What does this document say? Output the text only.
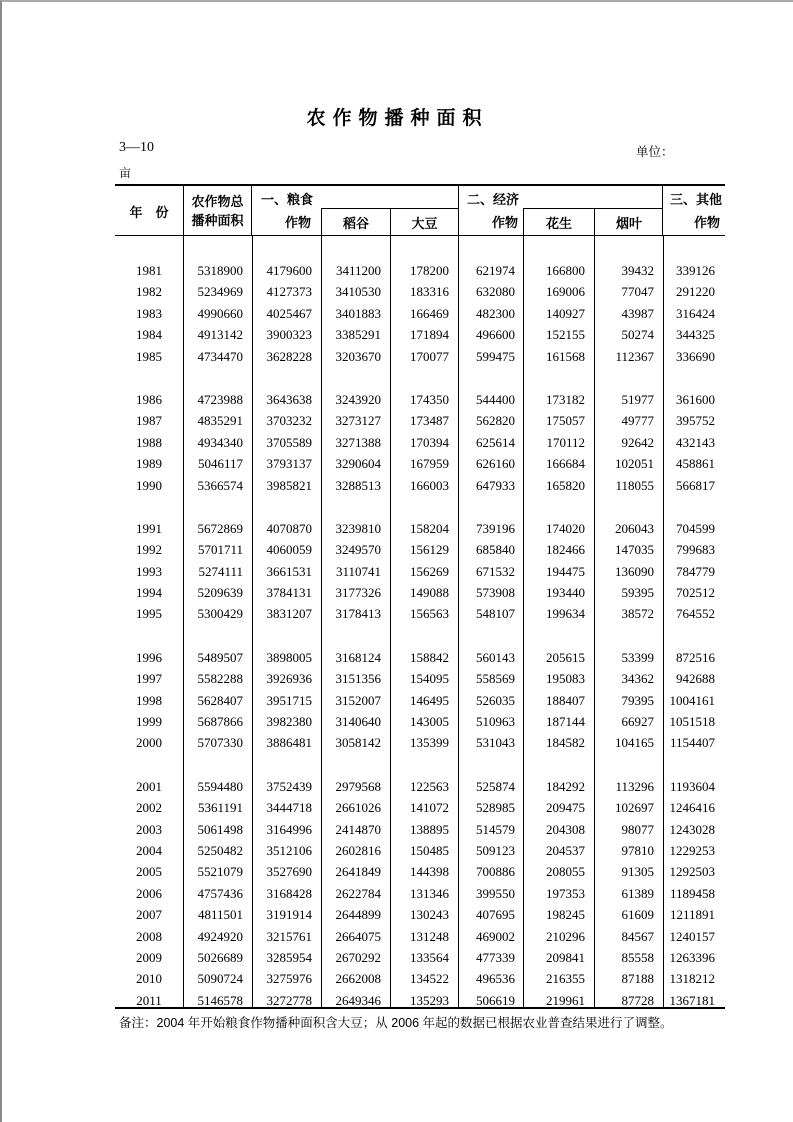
农作物播种面积
3—10	单位：
亩
年　份
农作物总
播种面积
一、粮食
作物	稻谷	大豆
二、经济
作物	花生	烟叶
三、其他
作物
1981	5318900	4179600	3411200	178200	621974	166800	39432	339126
1982	5234969	4127373	3410530	183316	632080	169006	77047	291220
1983	4990660	4025467	3401883	166469	482300	140927	43987	316424
1984	4913142	3900323	3385291	171894	496600	152155	50274	344325
1985	4734470	3628228	3203670	170077	599475	161568	112367	336690
1986	4723988	3643638	3243920	174350	544400	173182	51977	361600
1987	4835291	3703232	3273127	173487	562820	175057	49777	395752
1988	4934340	3705589	3271388	170394	625614	170112	92642	432143
1989	5046117	3793137	3290604	167959	626160	166684	102051	458861
1990	5366574	3985821	3288513	166003	647933	165820	118055	566817
1991	5672869	4070870	3239810	158204	739196	174020	206043	704599
1992	5701711	4060059	3249570	156129	685840	182466	147035	799683
1993	5274111	3661531	3110741	156269	671532	194475	136090	784779
1994	5209639	3784131	3177326	149088	573908	193440	59395	702512
1995	5300429	3831207	3178413	156563	548107	199634	38572	764552
1996	5489507	3898005	3168124	158842	560143	205615	53399	872516
1997	5582288	3926936	3151356	154095	558569	195083	34362	942688
1998	5628407	3951715	3152007	146495	526035	188407	79395	1004161
1999	5687866	3982380	3140640	143005	510963	187144	66927	1051518
2000	5707330	3886481	3058142	135399	531043	184582	104165	1154407
2001	5594480	3752439	2979568	122563	525874	184292	113296	1193604
2002	5361191	3444718	2661026	141072	528985	209475	102697	1246416
2003	5061498	3164996	2414870	138895	514579	204308	98077	1243028
2004	5250482	3512106	2602816	150485	509123	204537	97810	1229253
2005	5521079	3527690	2641849	144398	700886	208055	91305	1292503
2006	4757436	3168428	2622784	131346	399550	197353	61389	1189458
2007	4811501	3191914	2644899	130243	407695	198245	61609	1211891
2008	4924920	3215761	2664075	131248	469002	210296	84567	1240157
2009	5026689	3285954	2670292	133564	477339	209841	85558	1263396
2010	5090724	3275976	2662008	134522	496536	216355	87188	1318212
2011	5146578	3272778	2649346	135293	506619	219961	87728	1367181
备注：2004 年开始粮食作物播种面积含大豆；从 2006 年起的数据已根据农业普查结果进行了调整。
